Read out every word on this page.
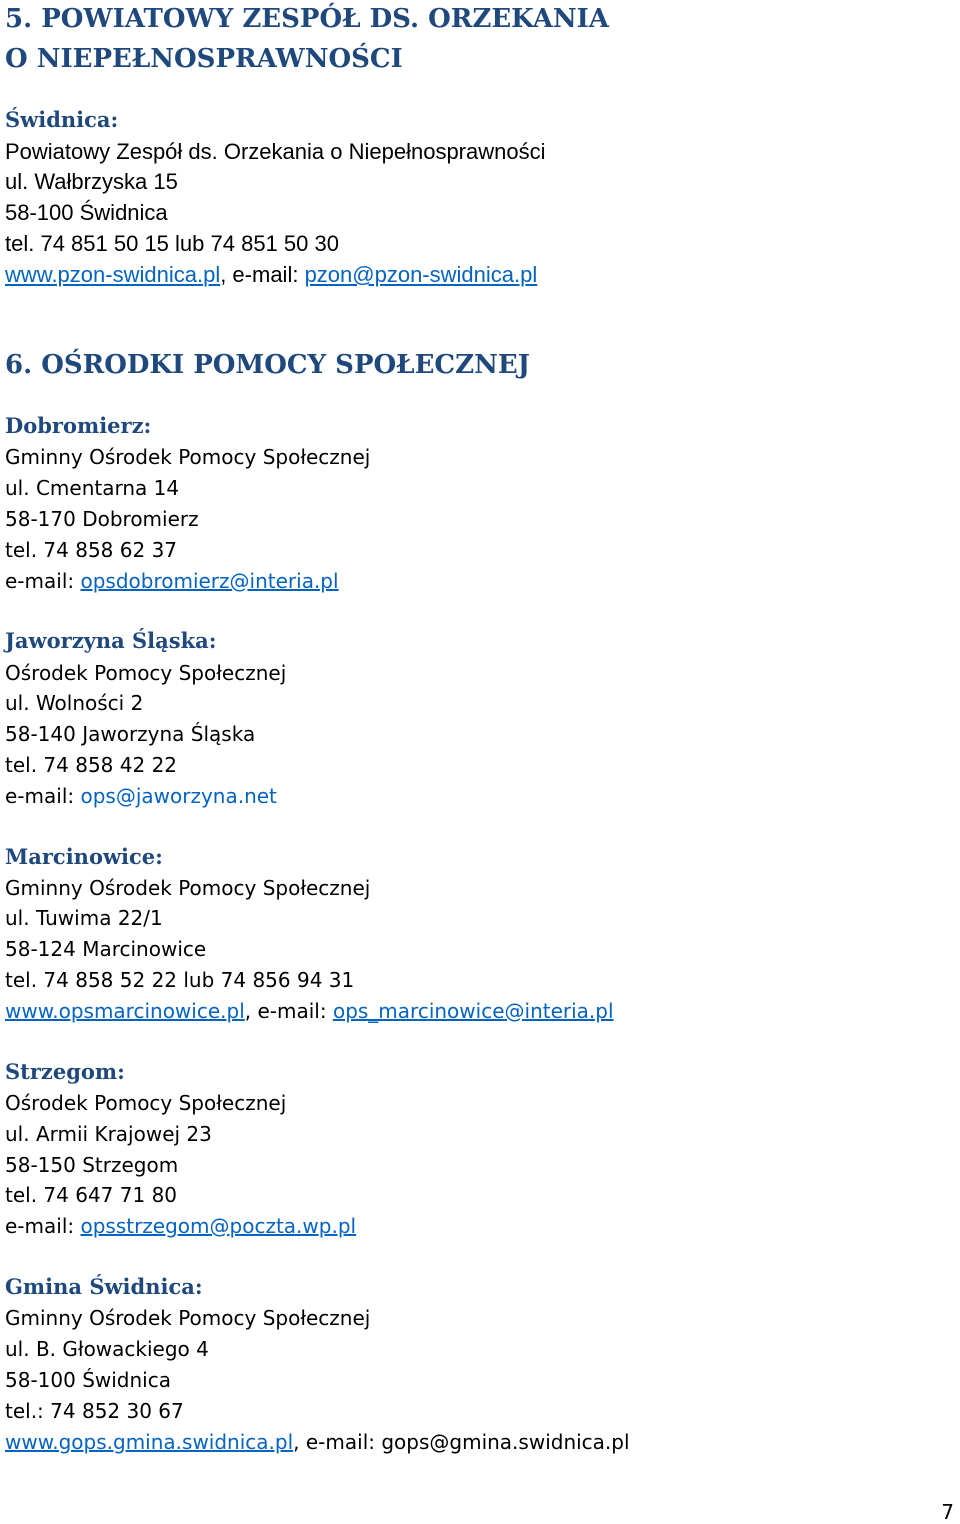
5. POWIATOWY ZESPÓŁ DS. ORZEKANIA
O NIEPEŁNOSPRAWNOŚCI
Świdnica:
Powiatowy Zespół ds. Orzekania o Niepełnosprawności
ul. Wałbrzyska 15
58-100 Świdnica
tel. 74 851 50 15 lub 74 851 50 30
www.pzon-swidnica.pl, e-mail: pzon@pzon-swidnica.pl
6. OŚRODKI POMOCY SPOŁECZNEJ
Dobromierz:
Gminny Ośrodek Pomocy Społecznej
ul. Cmentarna 14
58-170 Dobromierz
tel. 74 858 62 37
e-mail: opsdobromierz@interia.pl
Jaworzyna Śląska:
Ośrodek Pomocy Społecznej
ul. Wolności 2
58-140 Jaworzyna Śląska
tel. 74 858 42 22
e-mail: ops@jaworzyna.net
Marcinowice:
Gminny Ośrodek Pomocy Społecznej
ul. Tuwima 22/1
58-124 Marcinowice
tel. 74 858 52 22 lub 74 856 94 31
www.opsmarcinowice.pl, e-mail: ops_marcinowice@interia.pl
Strzegom:
Ośrodek Pomocy Społecznej
ul. Armii Krajowej 23
58-150 Strzegom
tel. 74 647 71 80
e-mail: opsstrzegom@poczta.wp.pl
Gmina Świdnica:
Gminny Ośrodek Pomocy Społecznej
ul. B. Głowackiego 4
58-100 Świdnica
tel.: 74 852 30 67
www.gops.gmina.swidnica.pl, e-mail: gops@gmina.swidnica.pl
7
